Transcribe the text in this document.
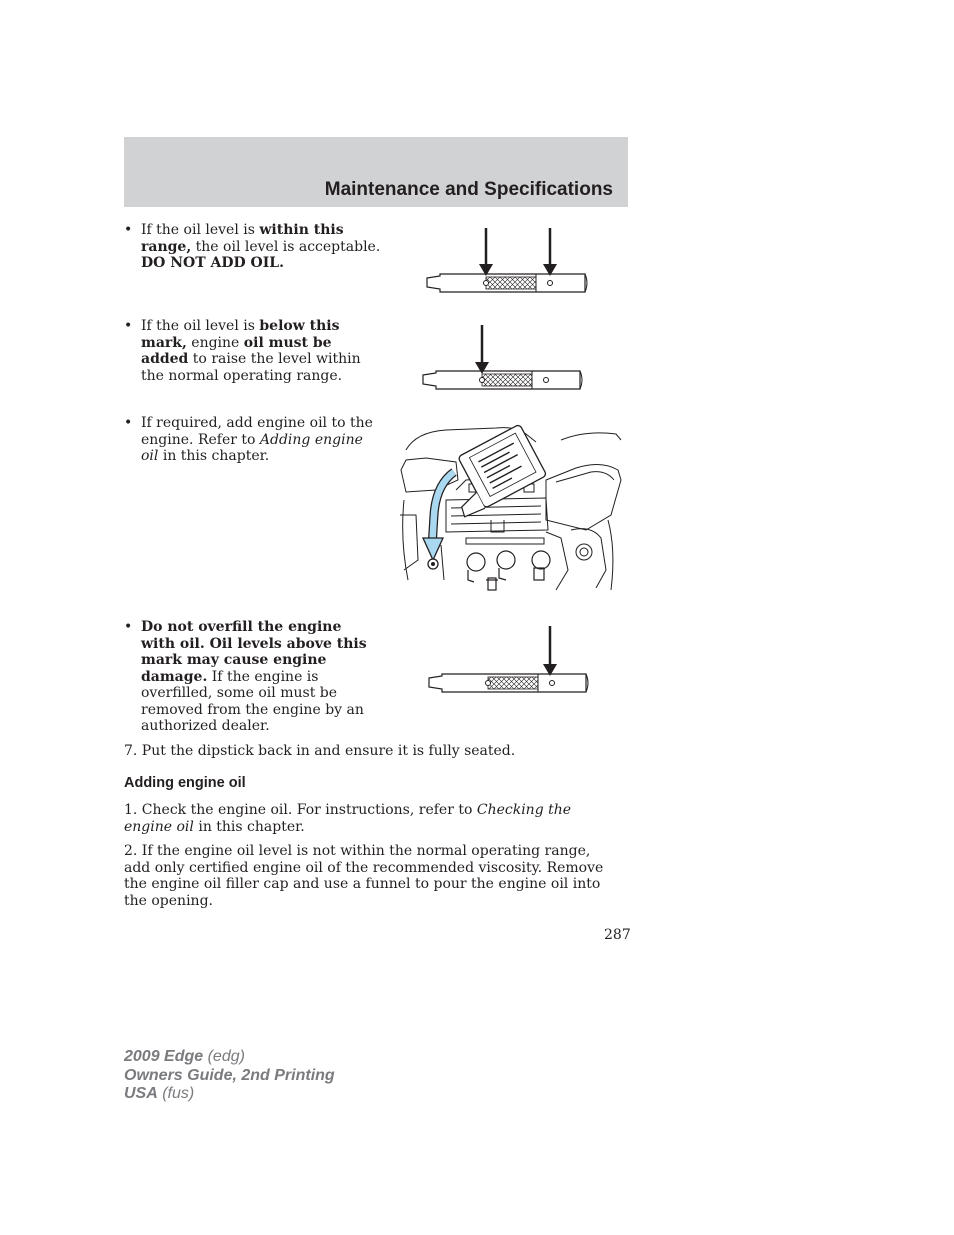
Maintenance and Specifications
• If the oil level is within this range, the oil level is acceptable. DO NOT ADD OIL.
• If the oil level is below this mark, engine oil must be added to raise the level within the normal operating range.
• If required, add engine oil to the engine. Refer to Adding engine oil in this chapter.
• Do not overfill the engine with oil. Oil levels above this mark may cause engine damage. If the engine is overfilled, some oil must be removed from the engine by an authorized dealer.
7. Put the dipstick back in and ensure it is fully seated.
Adding engine oil
1. Check the engine oil. For instructions, refer to Checking the engine oil in this chapter.
2. If the engine oil level is not within the normal operating range, add only certified engine oil of the recommended viscosity. Remove the engine oil filler cap and use a funnel to pour the engine oil into the opening.
287
2009 Edge (edg)
Owners Guide, 2nd Printing
USA (fus)
